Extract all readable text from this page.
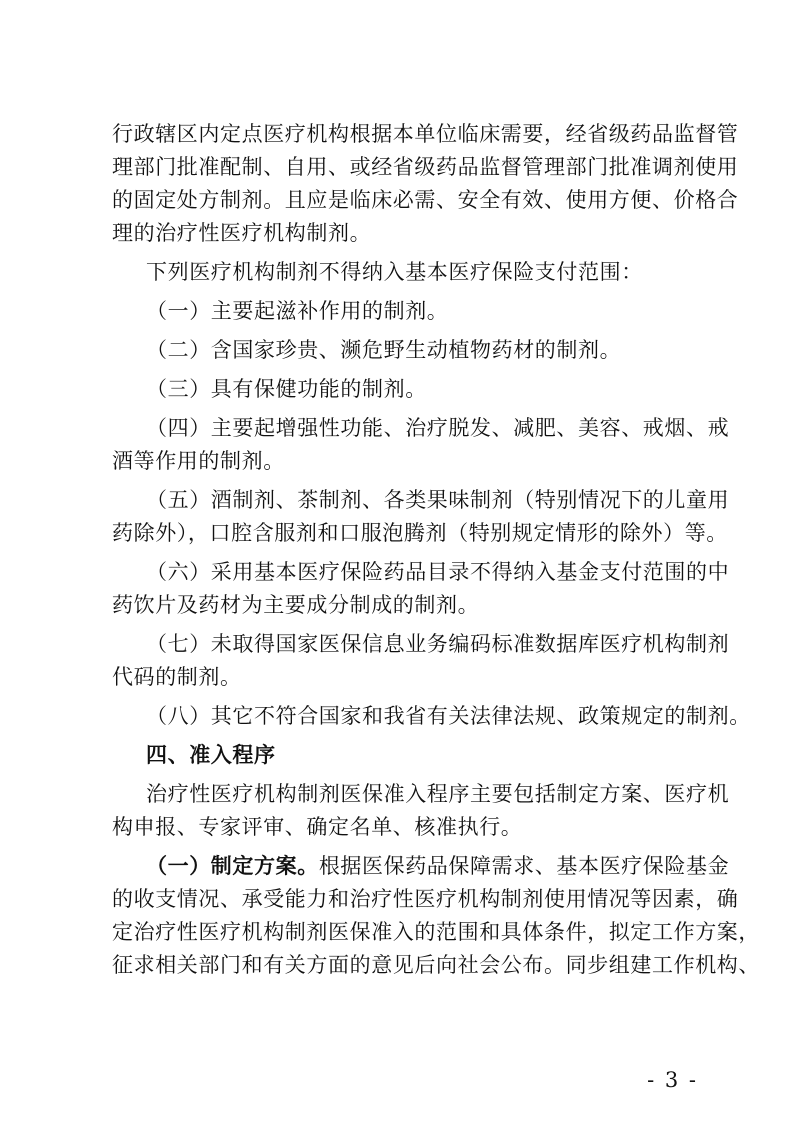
行政辖区内定点医疗机构根据本单位临床需要，经省级药品监督管
理部门批准配制、自用、或经省级药品监督管理部门批准调剂使用
的固定处方制剂。且应是临床必需、安全有效、使用方便、价格合
理的治疗性医疗机构制剂。
下列医疗机构制剂不得纳入基本医疗保险支付范围：
（一）主要起滋补作用的制剂。
（二）含国家珍贵、濒危野生动植物药材的制剂。
（三）具有保健功能的制剂。
（四）主要起增强性功能、治疗脱发、减肥、美容、戒烟、戒
酒等作用的制剂。
（五）酒制剂、茶制剂、各类果味制剂（特别情况下的儿童用
药除外），口腔含服剂和口服泡腾剂（特别规定情形的除外）等。
（六）采用基本医疗保险药品目录不得纳入基金支付范围的中
药饮片及药材为主要成分制成的制剂。
（七）未取得国家医保信息业务编码标准数据库医疗机构制剂
代码的制剂。
（八）其它不符合国家和我省有关法律法规、政策规定的制剂。
四、准入程序
治疗性医疗机构制剂医保准入程序主要包括制定方案、医疗机
构申报、专家评审、确定名单、核准执行。
（一）制定方案。根据医保药品保障需求、基本医疗保险基金
的收支情况、承受能力和治疗性医疗机构制剂使用情况等因素，确
定治疗性医疗机构制剂医保准入的范围和具体条件，拟定工作方案，
征求相关部门和有关方面的意见后向社会公布。同步组建工作机构、
- 3 -
